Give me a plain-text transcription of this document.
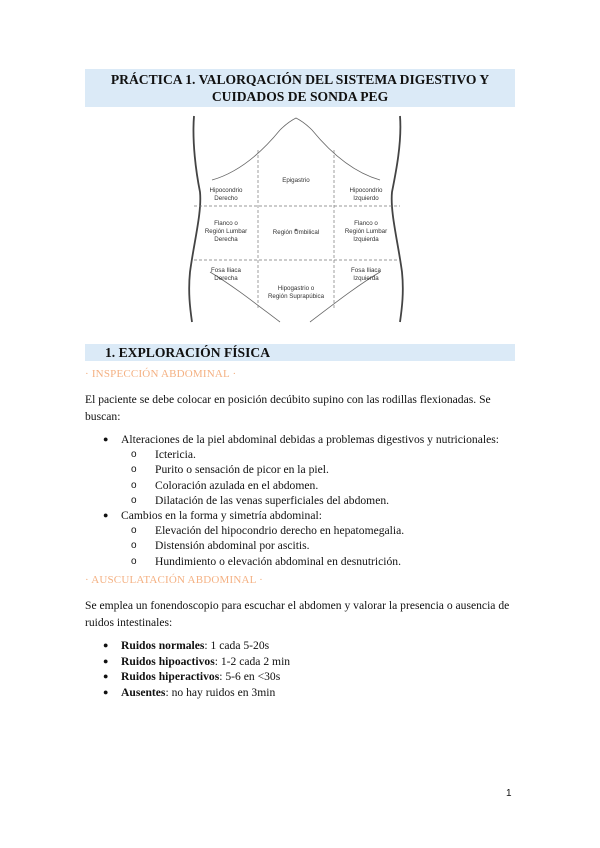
PRÁCTICA 1. VALORQACIÓN DEL SISTEMA DIGESTIVO Y
CUIDADOS DE SONDA PEG
Epigastrio
Hipocondrio
Derecho
Hipocondrio
Izquierdo
Flanco o
Región Lumbar
Derecha
Región Umbilical
Flanco o
Región Lumbar
Izquierda
Fosa Iliaca
Derecha
Hipogastrio o
Región Suprapúbica
Fosa Iliaca
Izquierda
1. EXPLORACIÓN FÍSICA
· INSPECCIÓN ABDOMINAL ·
El paciente se debe colocar en posición decúbito supino con las rodillas flexionadas. Se buscan:
● Alteraciones de la piel abdominal debidas a problemas digestivos y nutricionales:
o Ictericia.
o Purito o sensación de picor en la piel.
o Coloración azulada en el abdomen.
o Dilatación de las venas superficiales del abdomen.
● Cambios en la forma y simetría abdominal:
o Elevación del hipocondrio derecho en hepatomegalia.
o Distensión abdominal por ascitis.
o Hundimiento o elevación abdominal en desnutrición.
· AUSCULATACIÓN ABDOMINAL ·
Se emplea un fonendoscopio para escuchar el abdomen y valorar la presencia o ausencia de ruidos intestinales:
● Ruidos normales: 1 cada 5-20s
● Ruidos hipoactivos: 1-2 cada 2 min
● Ruidos hiperactivos: 5-6 en <30s
● Ausentes: no hay ruidos en 3min
1
